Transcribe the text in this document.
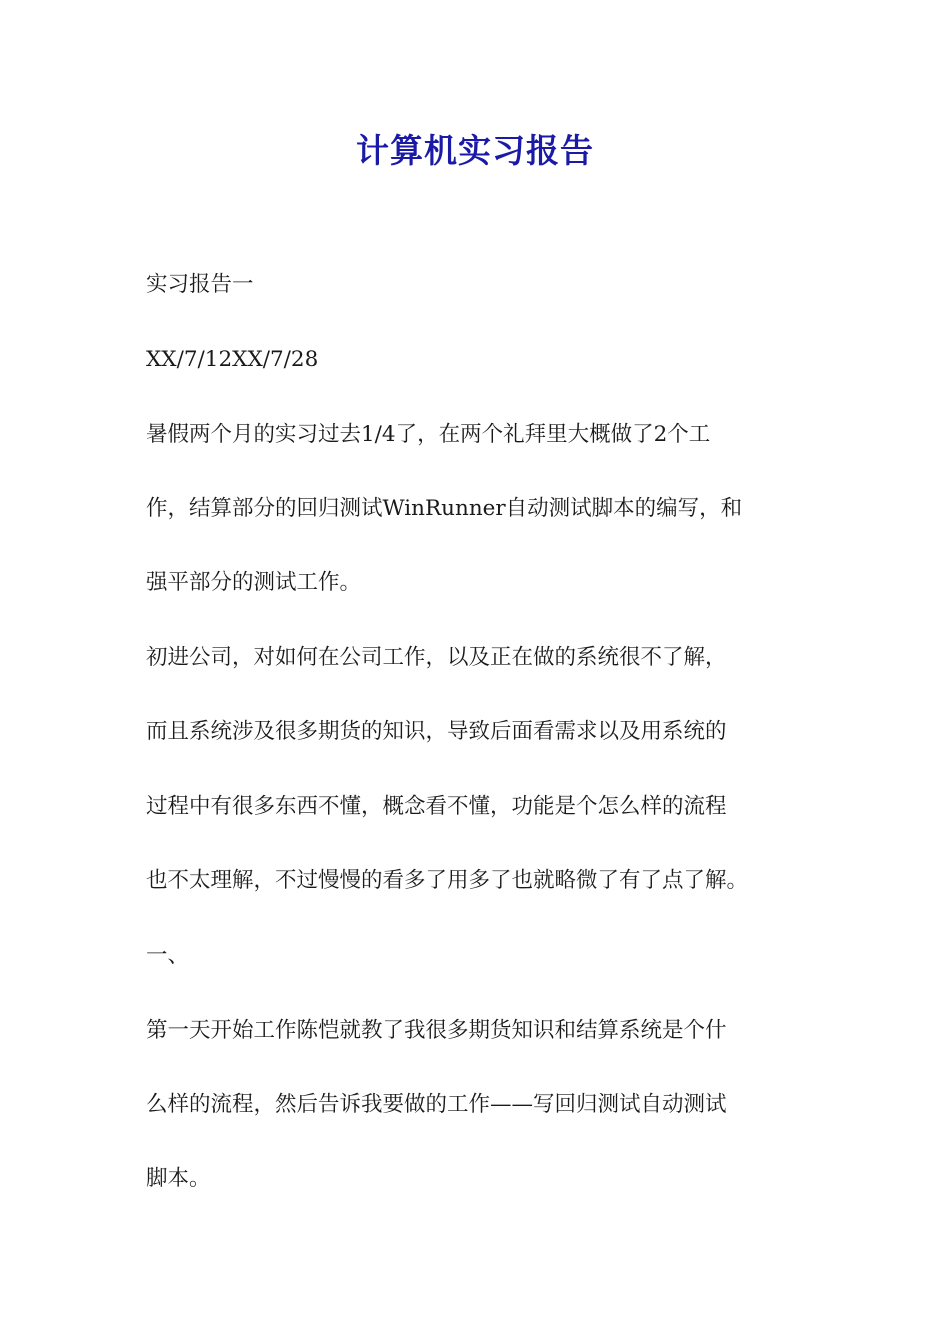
计算机实习报告
实习报告一
XX/7/12XX/7/28
暑假两个月的实习过去1/4了，在两个礼拜里大概做了2个工
作，结算部分的回归测试WinRunner自动测试脚本的编写，和
强平部分的测试工作。
初进公司，对如何在公司工作，以及正在做的系统很不了解，
而且系统涉及很多期货的知识，导致后面看需求以及用系统的
过程中有很多东西不懂，概念看不懂，功能是个怎么样的流程
也不太理解，不过慢慢的看多了用多了也就略微了有了点了解。
一、
第一天开始工作陈恺就教了我很多期货知识和结算系统是个什
么样的流程，然后告诉我要做的工作——写回归测试自动测试
脚本。
